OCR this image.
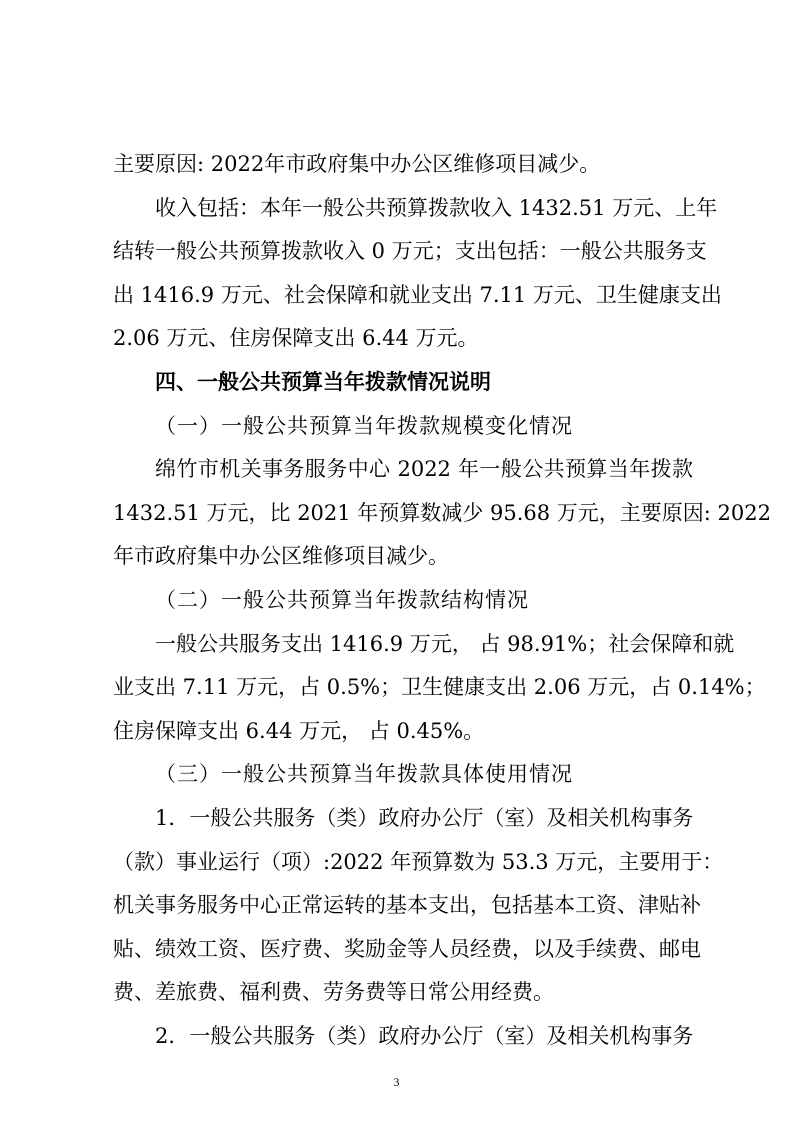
主要原因: 2022年市政府集中办公区维修项目减少。
收入包括：本年一般公共预算拨款收入 1432.51 万元、上年
结转一般公共预算拨款收入 0 万元；支出包括：一般公共服务支
出 1416.9 万元、社会保障和就业支出 7.11 万元、卫生健康支出
2.06 万元、住房保障支出 6.44 万元。
四、一般公共预算当年拨款情况说明
（一）一般公共预算当年拨款规模变化情况
绵竹市机关事务服务中心 2022 年一般公共预算当年拨款
1432.51 万元，比 2021 年预算数减少 95.68 万元，主要原因: 2022
年市政府集中办公区维修项目减少。
（二）一般公共预算当年拨款结构情况
一般公共服务支出 1416.9 万元， 占 98.91%；社会保障和就
业支出 7.11 万元，占 0.5%；卫生健康支出 2.06 万元，占 0.14%；
住房保障支出 6.44 万元， 占 0.45%。
（三）一般公共预算当年拨款具体使用情况
1．一般公共服务（类）政府办公厅（室）及相关机构事务
（款）事业运行（项）:2022 年预算数为 53.3 万元，主要用于：
机关事务服务中心正常运转的基本支出，包括基本工资、津贴补
贴、绩效工资、医疗费、奖励金等人员经费，以及手续费、邮电
费、差旅费、福利费、劳务费等日常公用经费。
3
2．一般公共服务（类）政府办公厅（室）及相关机构事务
